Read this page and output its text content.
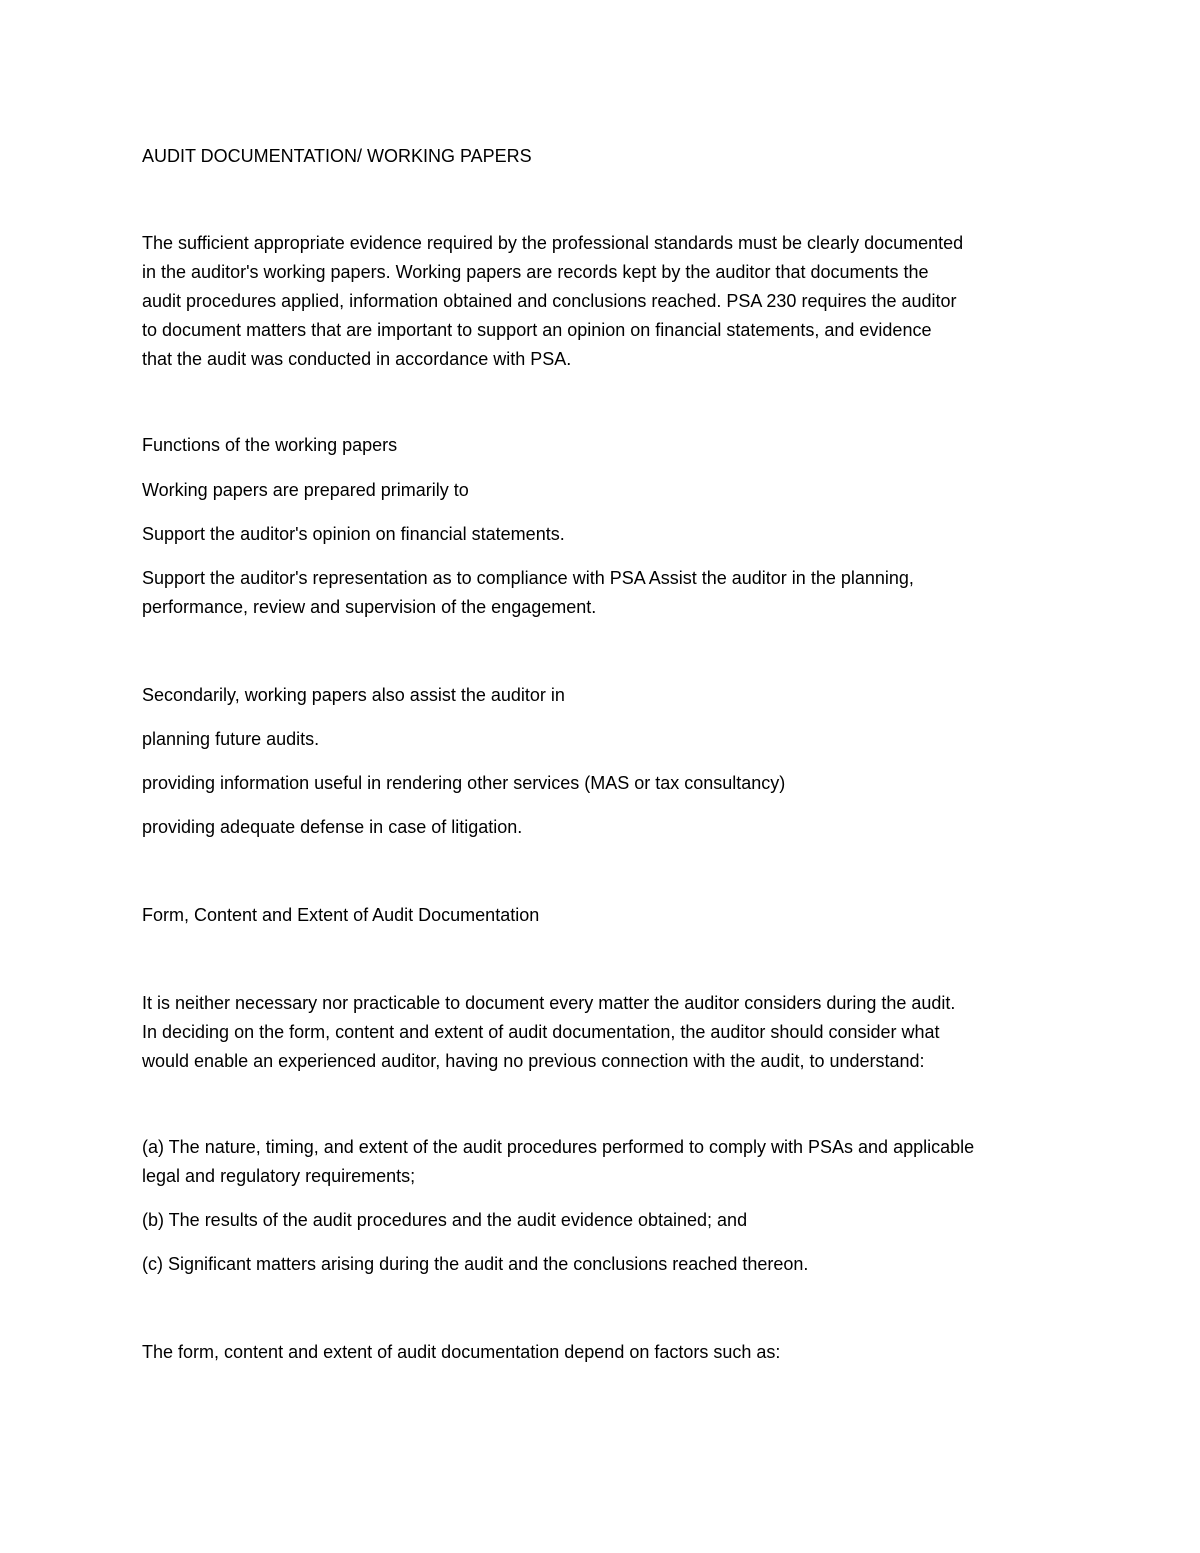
AUDIT DOCUMENTATION/ WORKING PAPERS

The sufficient appropriate evidence required by the professional standards must be clearly documented
in the auditor's working papers. Working papers are records kept by the auditor that documents the
audit procedures applied, information obtained and conclusions reached. PSA 230 requires the auditor
to document matters that are important to support an opinion on financial statements, and evidence
that the audit was conducted in accordance with PSA.

Functions of the working papers

Working papers are prepared primarily to

Support the auditor's opinion on financial statements.

Support the auditor's representation as to compliance with PSA Assist the auditor in the planning,
performance, review and supervision of the engagement.

Secondarily, working papers also assist the auditor in

planning future audits.

providing information useful in rendering other services (MAS or tax consultancy)

providing adequate defense in case of litigation.

Form, Content and Extent of Audit Documentation

It is neither necessary nor practicable to document every matter the auditor considers during the audit.
In deciding on the form, content and extent of audit documentation, the auditor should consider what
would enable an experienced auditor, having no previous connection with the audit, to understand:
(a) The nature, timing, and extent of the audit procedures performed to comply with PSAs and applicable
legal and regulatory requirements;

(b) The results of the audit procedures and the audit evidence obtained; and

(c) Significant matters arising during the audit and the conclusions reached thereon.

The form, content and extent of audit documentation depend on factors such as:
